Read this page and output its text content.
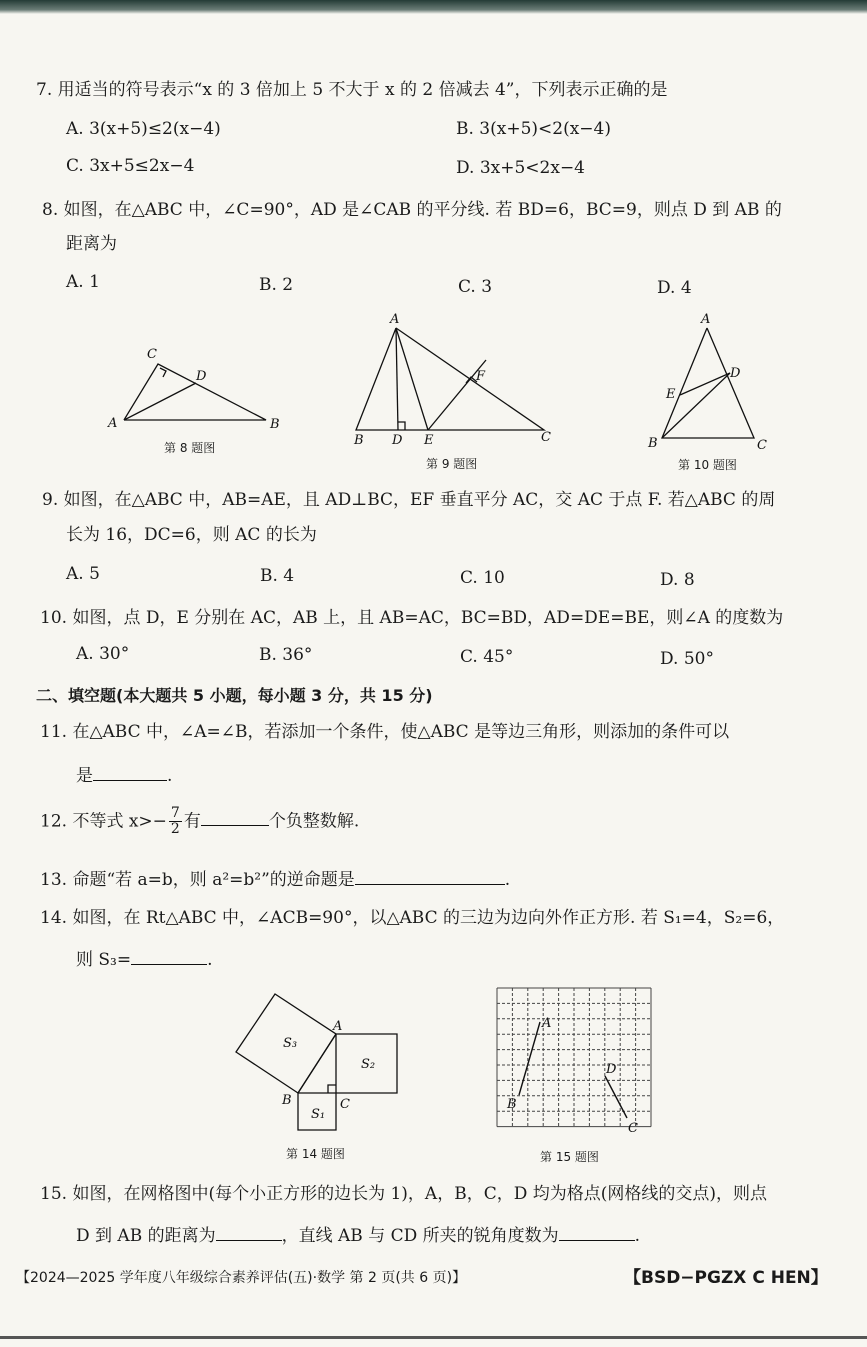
7. 用适当的符号表示“x 的 3 倍加上 5 不大于 x 的 2 倍减去 4”，下列表示正确的是
A. 3(x+5)≤2(x−4)	B. 3(x+5)<2(x−4)
C. 3x+5≤2x−4	D. 3x+5<2x−4
8. 如图，在△ABC 中，∠C=90°，AD 是∠CAB 的平分线. 若 BD=6，BC=9，则点 D 到 AB 的
距离为
A. 1	B. 2	C. 3	D. 4
C
D
A	B
第 8 题图
A
F
B D E	C
第 9 题图
A
E
D
B	C
第 10 题图
9. 如图，在△ABC 中，AB=AE，且 AD⊥BC，EF 垂直平分 AC，交 AC 于点 F. 若△ABC 的周
长为 16，DC=6，则 AC 的长为
A. 5	B. 4	C. 10	D. 8
10. 如图，点 D，E 分别在 AC，AB 上，且 AB=AC，BC=BD，AD=DE=BE，则∠A 的度数为
A. 30°	B. 36°	C. 45°	D. 50°
二、填空题(本大题共 5 小题，每小题 3 分，共 15 分)
11. 在△ABC 中，∠A=∠B，若添加一个条件，使△ABC 是等边三角形，则添加的条件可以
是	.
12. 不等式 $x>- \frac{7}{2}$ 有	个负整数解.
13. 命题“若 a=b，则 a²=b²”的逆命题是	.
14. 如图，在 Rt△ABC 中，∠ACB=90°，以△ABC 的三边为边向外作正方形. 若 S₁=4，S₂=6，
则 S₃=	.
S₃
S₂
S₁
A
B	C
第 14 题图
A
B
D
C
第 15 题图
15. 如图，在网格图中(每个小正方形的边长为 1)，A，B，C，D 均为格点(网格线的交点)，则点
D 到 AB 的距离为	，直线 AB 与 CD 所夹的锐角度数为	.
【2024—2025 学年度八年级综合素养评估(五)·数学 第 2 页(共 6 页)】	【BSD−PGZX C HEN】
